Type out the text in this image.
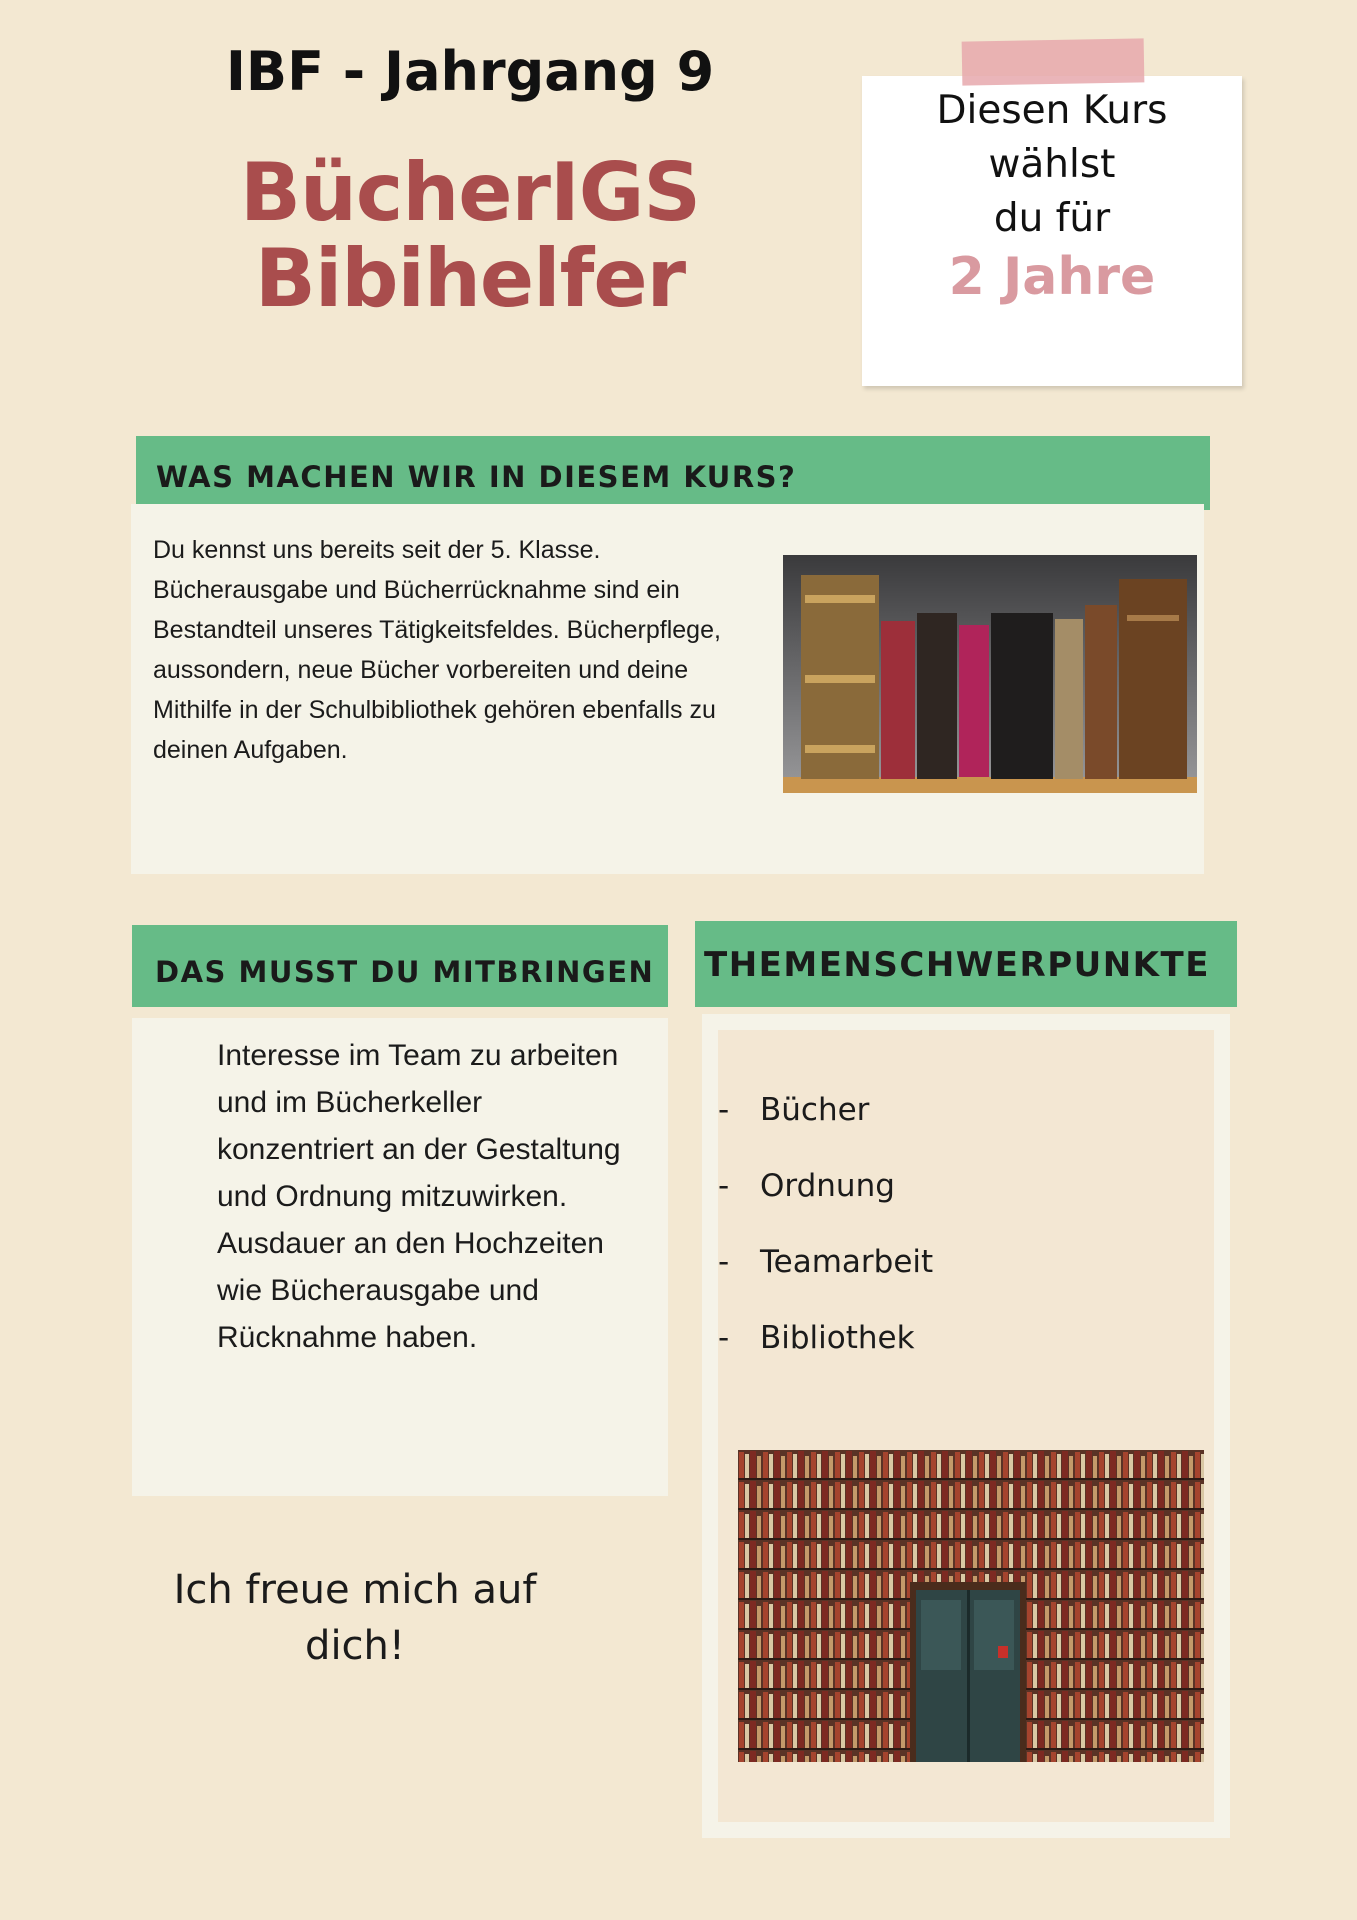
IBF - Jahrgang 9
BücherIGS
Bibihelfer
Diesen Kurs
wählst
du für
2 Jahre
WAS MACHEN WIR IN DIESEM KURS?
Du kennst uns bereits seit der 5. Klasse.
Bücherausgabe und Bücherrücknahme sind ein
Bestandteil unseres Tätigkeitsfeldes. Bücherpflege,
aussondern, neue Bücher vorbereiten und deine
Mithilfe in der Schulbibliothek gehören ebenfalls zu
deinen Aufgaben.
DAS MUSST DU MITBRINGEN
Interesse im Team zu arbeiten
und im Bücherkeller
konzentriert an der Gestaltung
und Ordnung mitzuwirken.
Ausdauer an den Hochzeiten
wie Bücherausgabe und
Rücknahme haben.
THEMENSCHWERPUNKTE
- Bücher
- Ordnung
- Teamarbeit
- Bibliothek
Ich freue mich auf
dich!
